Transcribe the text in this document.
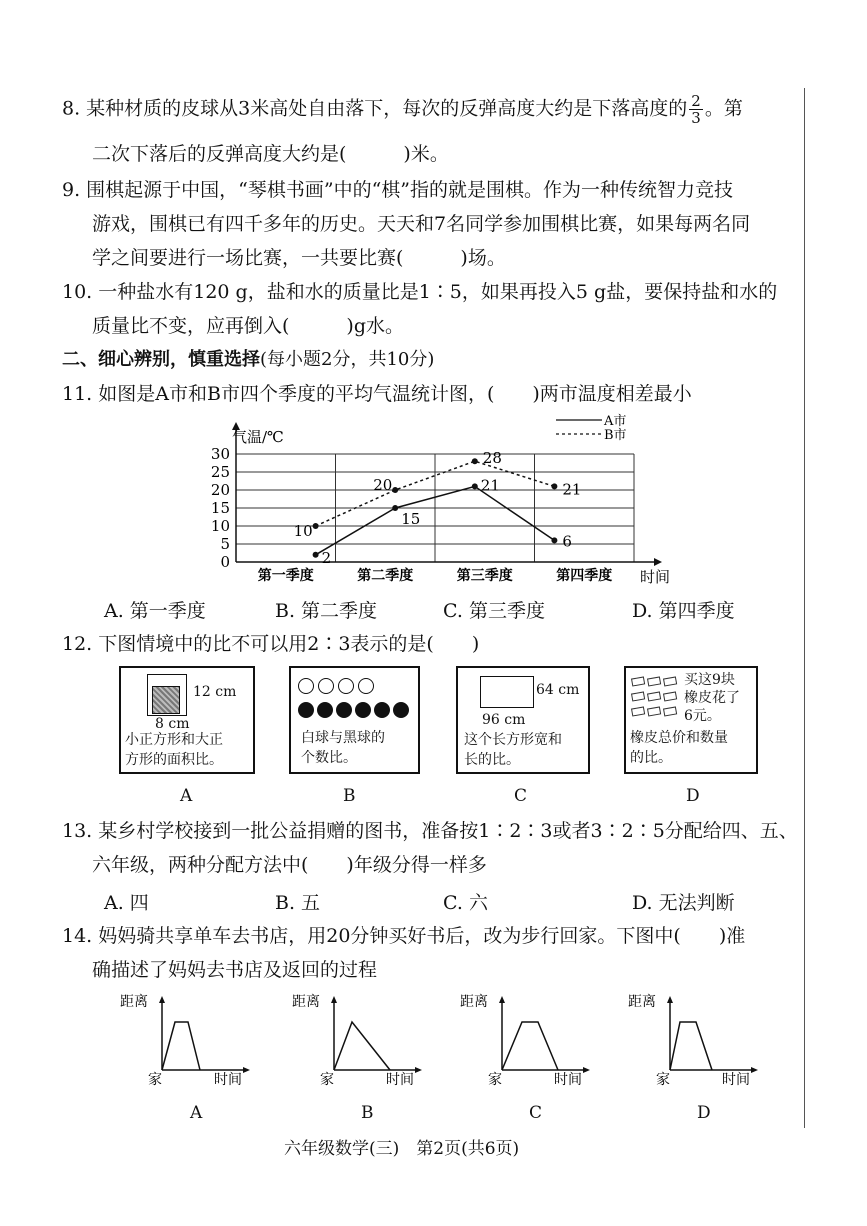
8. 某种材质的皮球从3米高处自由落下，每次的反弹高度大约是下落高度的 $\frac{2}{3}$ 。第
二次下落后的反弹高度大约是(　　　)米。
9. 围棋起源于中国，“琴棋书画”中的“棋”指的就是围棋。作为一种传统智力竞技
游戏，围棋已有四千多年的历史。天天和7名同学参加围棋比赛，如果每两名同
学之间要进行一场比赛，一共要比赛(　　　)场。
10. 一种盐水有120 g，盐和水的质量比是1∶5，如果再投入5 g盐，要保持盐和水的
质量比不变，应再倒入(　　　)g水。
二、细心辨别，慎重选择(每小题2分，共10分)
11. 如图是A市和B市四个季度的平均气温统计图，(　　)两市温度相差最小
0
5
10
15
20
25
30
气温/℃
时间
第一季度	第二季度	第三季度	第四季度
2
15
21
6
10
20
28
21
A市
B市
A. 第一季度	B. 第二季度	C. 第三季度	D. 第四季度
12. 下图情境中的比不可以用2∶3表示的是(　　)
12 cm
8 cm
小正方形和大正
方形的面积比。
A
白球与黑球的
个数比。
B
64 cm
96 cm
这个长方形宽和
长的比。
C
买这9块
橡皮花了
6元。
橡皮总价和数量
的比。
D
13. 某乡村学校接到一批公益捐赠的图书，准备按1∶2∶3或者3∶2∶5分配给四、五、
六年级，两种分配方法中(　　)年级分得一样多
A. 四	B. 五	C. 六	D. 无法判断
14. 妈妈骑共享单车去书店，用20分钟买好书后，改为步行回家。下图中(　　)准
确描述了妈妈去书店及返回的过程
距离
家	时间
A
距离
家	时间
B
距离
家	时间
C
距离
家	时间
D
六年级数学(三)　第2页(共6页)
